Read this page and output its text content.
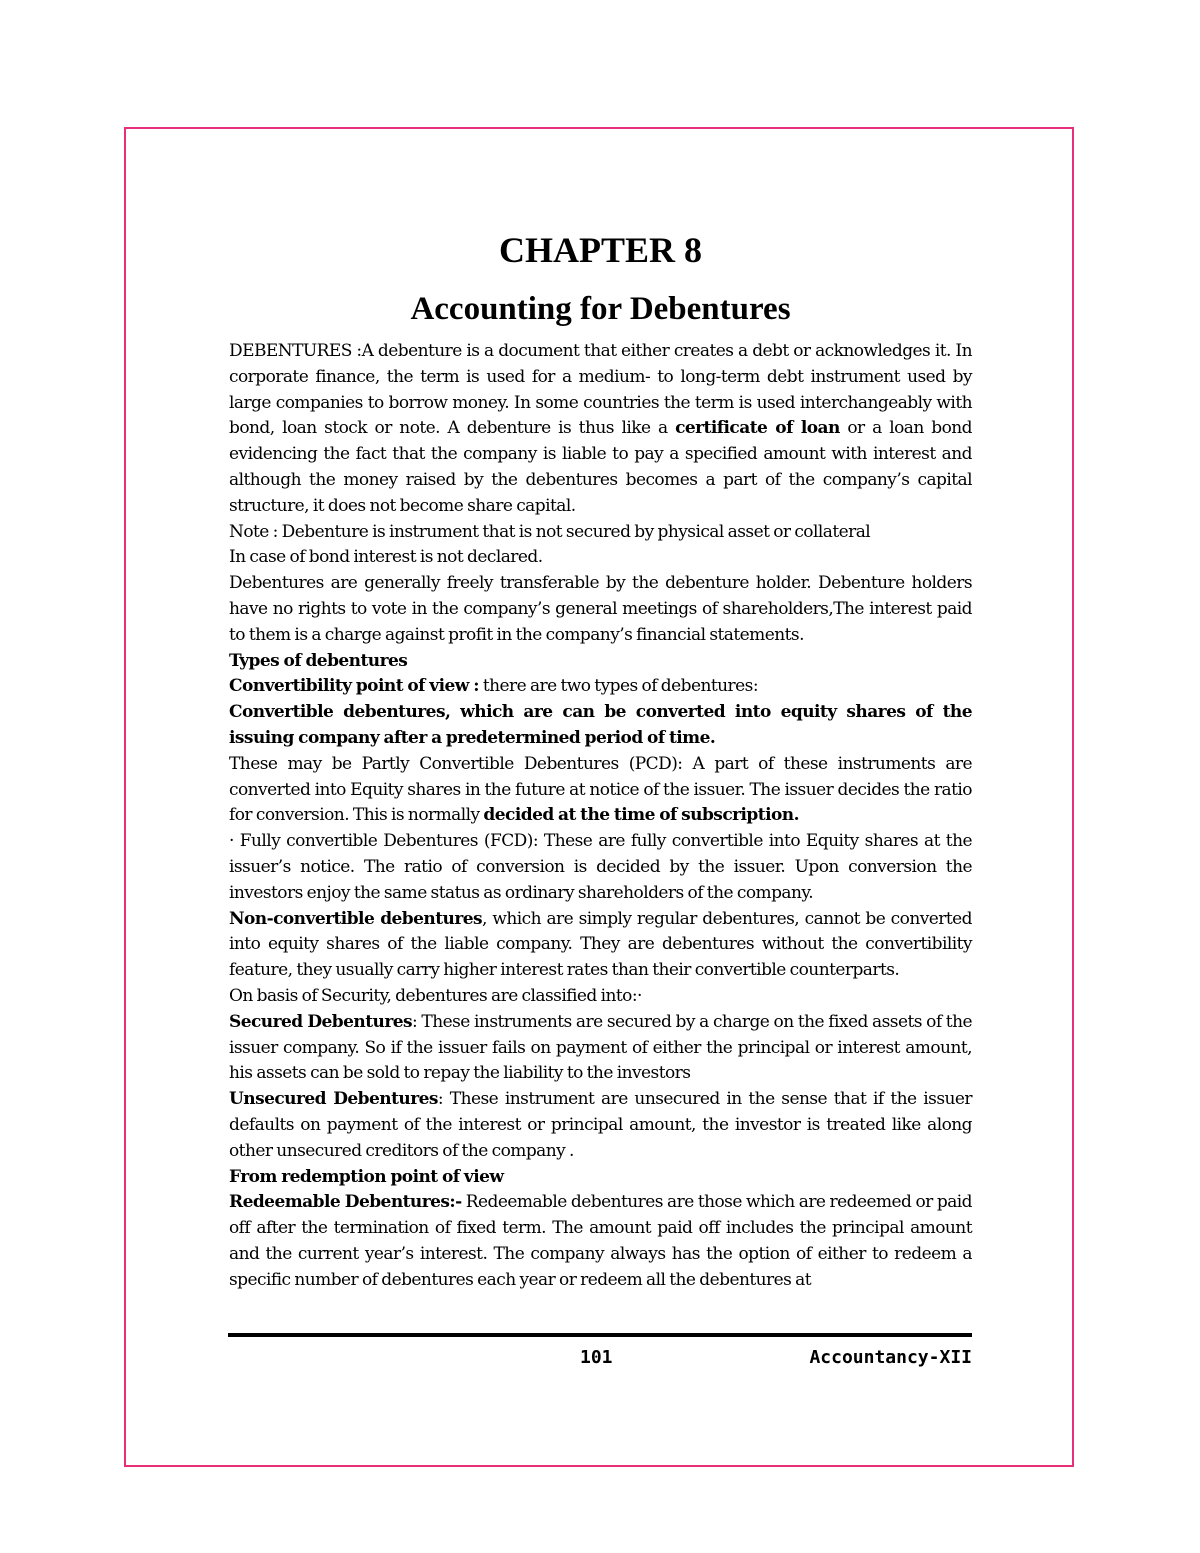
CHAPTER 8
Accounting for Debentures

DEBENTURES :A debenture is a document that either creates a debt or acknowledges it. In corporate finance, the term is used for a medium- to long-term debt instrument used by large companies to borrow money. In some countries the term is used interchangeably with bond, loan stock or note. A debenture is thus like a certificate of loan or a loan bond evidencing the fact that the company is liable to pay a specified amount with interest and although the money raised by the debentures becomes a part of the company’s capital structure, it does not become share capital.

Note : Debenture is instrument that is not secured by physical asset or collateral

In case of bond interest is not declared.

Debentures are generally freely transferable by the debenture holder. Debenture holders have no rights to vote in the company’s general meetings of shareholders,The interest paid to them is a charge against profit in the company’s financial statements.

Types of debentures

Convertibility point of view : there are two types of debentures:

Convertible debentures, which are can be converted into equity shares of the issuing company after a predetermined period of time.

These may be Partly Convertible Debentures (PCD): A part of these instruments are converted into Equity shares in the future at notice of the issuer. The issuer decides the ratio for conversion. This is normally decided at the time of subscription.

· Fully convertible Debentures (FCD): These are fully convertible into Equity shares at the issuer’s notice. The ratio of conversion is decided by the issuer. Upon conversion the investors enjoy the same status as ordinary shareholders of the company.

Non-convertible debentures, which are simply regular debentures, cannot be converted into equity shares of the liable company. They are debentures without the convertibility feature, they usually carry higher interest rates than their convertible counterparts.

On basis of Security, debentures are classified into:·

Secured Debentures: These instruments are secured by a charge on the fixed assets of the issuer company. So if the issuer fails on payment of either the principal or interest amount, his assets can be sold to repay the liability to the investors

Unsecured Debentures: These instrument are unsecured in the sense that if the issuer defaults on payment of the interest or principal amount, the investor is treated like along other unsecured creditors of the company .

From redemption point of view

Redeemable Debentures:- Redeemable debentures are those which are redeemed or paid off after the termination of fixed term. The amount paid off includes the principal amount and the current year’s interest. The company always has the option of either to redeem a specific number of debentures each year or redeem all the debentures at

101	Accountancy-XII
